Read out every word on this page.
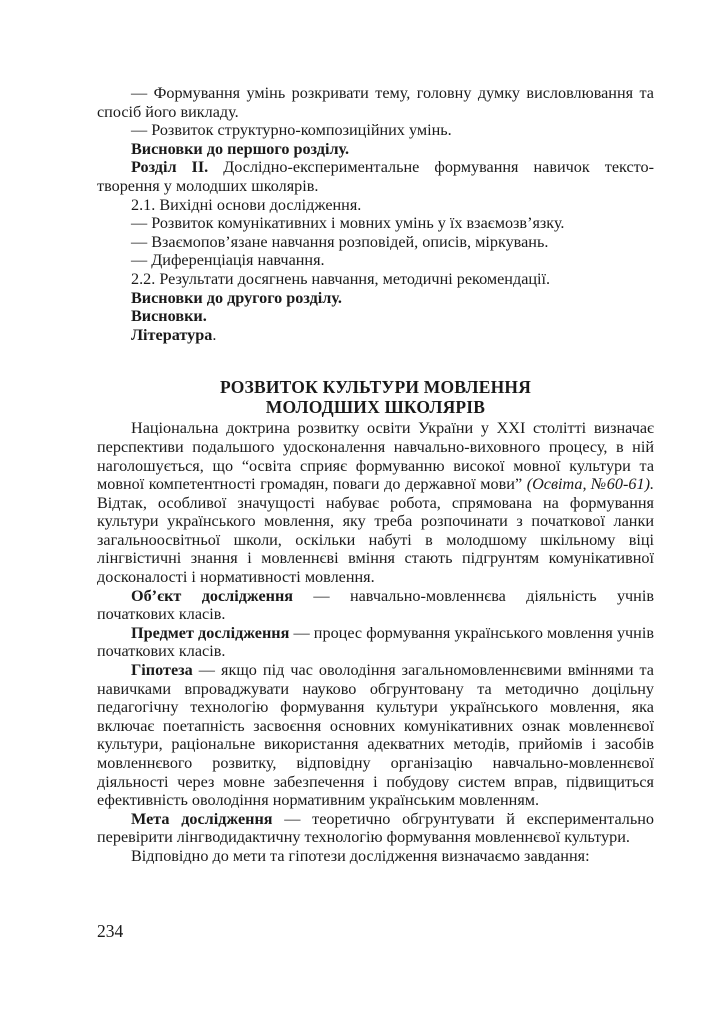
— Формування умінь розкривати тему, головну думку висловлювання та спосіб його викладу.

— Розвиток структурно-композиційних умінь.

Висновки до першого розділу.

Розділ ІІ. Дослідно-експериментальне формування навичок тексто-творення у молодших школярів.

2.1. Вихідні основи дослідження.

— Розвиток комунікативних і мовних умінь у їх взаємозв’язку.

— Взаємопов’язане навчання розповідей, описів, міркувань.

— Диференціація навчання.

2.2. Результати досягнень навчання, методичні рекомендації.

Висновки до другого розділу.

Висновки.

Література.

РОЗВИТОК КУЛЬТУРИ МОВЛЕННЯ
МОЛОДШИХ ШКОЛЯРІВ

Національна доктрина розвитку освіти України у ХХІ столітті визначає перспективи подальшого удосконалення навчально-виховного процесу, в ній наголошується, що “освіта сприяє формуванню високої мовної культури та мовної компетентності громадян, поваги до державної мови” (Освіта, №60-61). Відтак, особливої значущості набуває робота, спрямована на формування культури українського мовлення, яку треба розпочинати з початкової ланки загальноосвітньої школи, оскільки набуті в молодшому шкільному віці лінгвістичні знання і мовленнєві вміння стають підгрунтям комунікативної досконалості і нормативності мовлення.

Об’єкт дослідження — навчально-мовленнєва діяльність учнів початкових класів.

Предмет дослідження — процес формування українського мовлення учнів початкових класів.

Гіпотеза — якщо під час оволодіння загальномовленнєвими вміннями та навичками впроваджувати науково обгрунтовану та методично доцільну педагогічну технологію формування культури українського мовлення, яка включає поетапність засвоєння основних комунікативних ознак мовленнєвої культури, раціональне використання адекватних методів, прийомів і засобів мовленнєвого розвитку, відповідну організацію навчально-мовленнєвої діяльності через мовне забезпечення і побудову систем вправ, підвищиться ефективність оволодіння нормативним українським мовленням.

Мета дослідження — теоретично обгрунтувати й експериментально перевірити лінгводидактичну технологію формування мовленнєвої культури.

Відповідно до мети та гіпотези дослідження визначаємо завдання:

234
